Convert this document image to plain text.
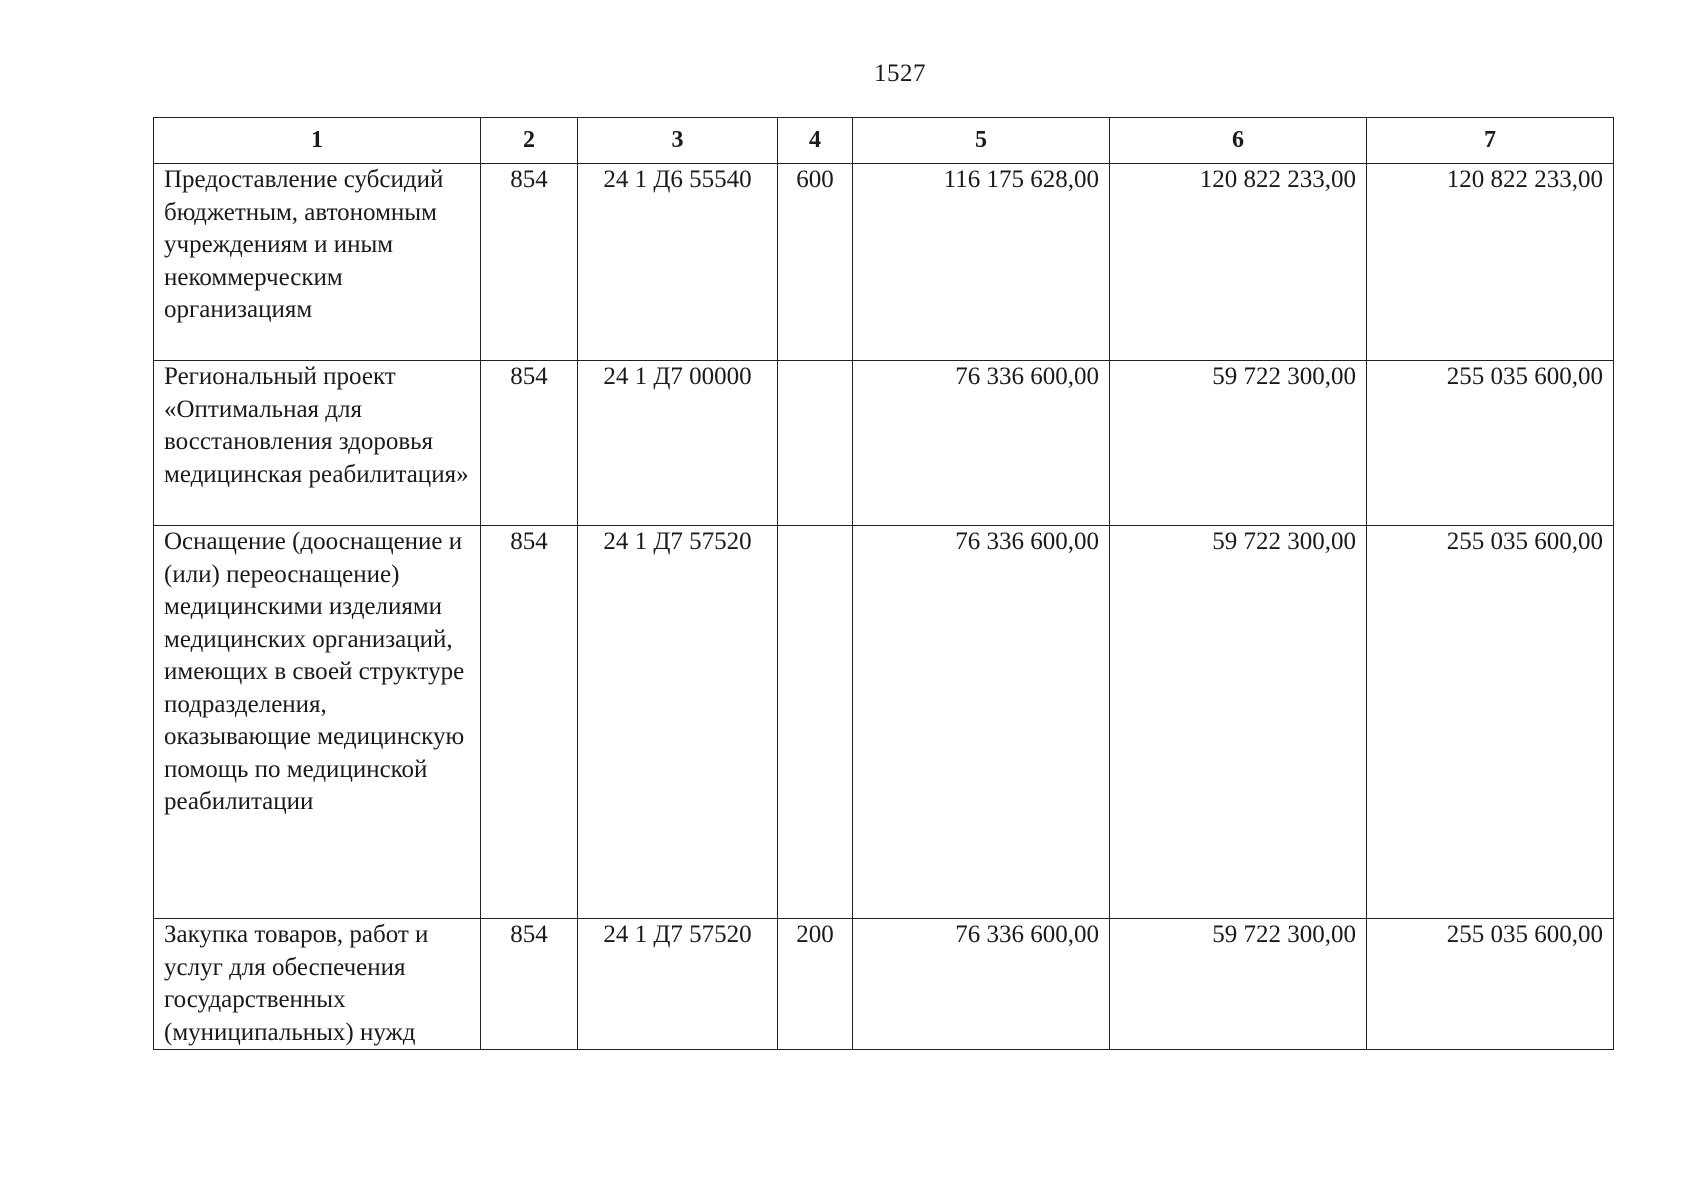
1527
1	2	3	4	5	6	7
Предоставление субсидий бюджетным, автономным учреждениям и иным некоммерческим организациям	854	24 1 Д6 55540	600	116 175 628,00	120 822 233,00	120 822 233,00
Региональный проект «Оптимальная для восстановления здоровья медицинская реабилитация»	854	24 1 Д7 00000		76 336 600,00	59 722 300,00	255 035 600,00
Оснащение (дооснащение и (или) переоснащение) медицинскими изделиями медицинских организаций, имеющих в своей структуре подразделения, оказывающие медицинскую помощь по медицинской реабилитации	854	24 1 Д7 57520		76 336 600,00	59 722 300,00	255 035 600,00
Закупка товаров, работ и услуг для обеспечения государственных (муниципальных) нужд	854	24 1 Д7 57520	200	76 336 600,00	59 722 300,00	255 035 600,00
